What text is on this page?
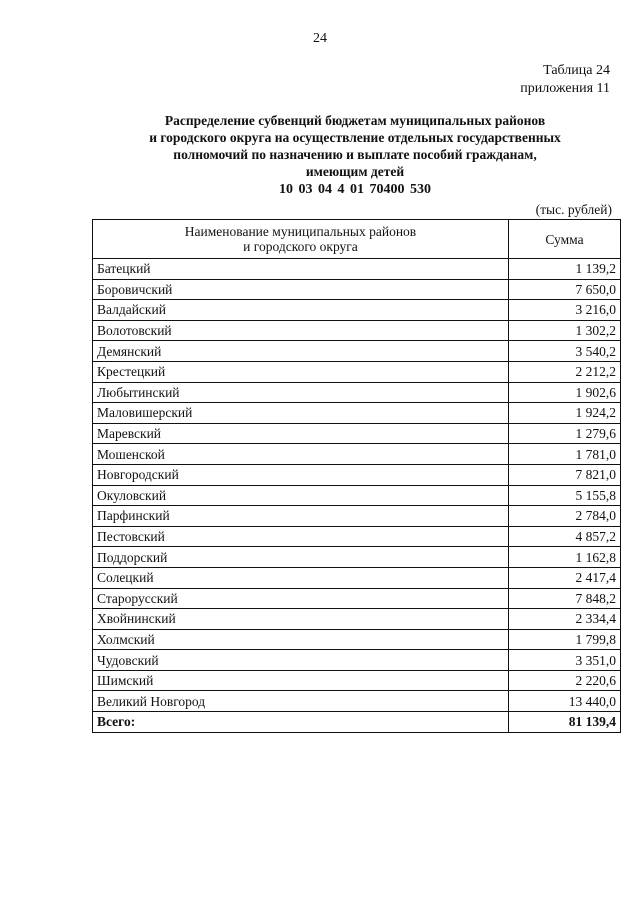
24
Таблица 24
приложения 11
Распределение субвенций бюджетам муниципальных районов
и городского округа на осуществление отдельных государственных
полномочий по назначению и выплате пособий гражданам,
имеющим детей
10 03 04 4 01 70400 530
(тыс. рублей)
Наименование муниципальных районов
и городского округа	Сумма
Батецкий	1 139,2
Боровичский	7 650,0
Валдайский	3 216,0
Волотовский	1 302,2
Демянский	3 540,2
Крестецкий	2 212,2
Любытинский	1 902,6
Маловишерский	1 924,2
Маревский	1 279,6
Мошенской	1 781,0
Новгородский	7 821,0
Окуловский	5 155,8
Парфинский	2 784,0
Пестовский	4 857,2
Поддорский	1 162,8
Солецкий	2 417,4
Старорусский	7 848,2
Хвойнинский	2 334,4
Холмский	1 799,8
Чудовский	3 351,0
Шимский	2 220,6
Великий Новгород	13 440,0
Всего:	81 139,4
